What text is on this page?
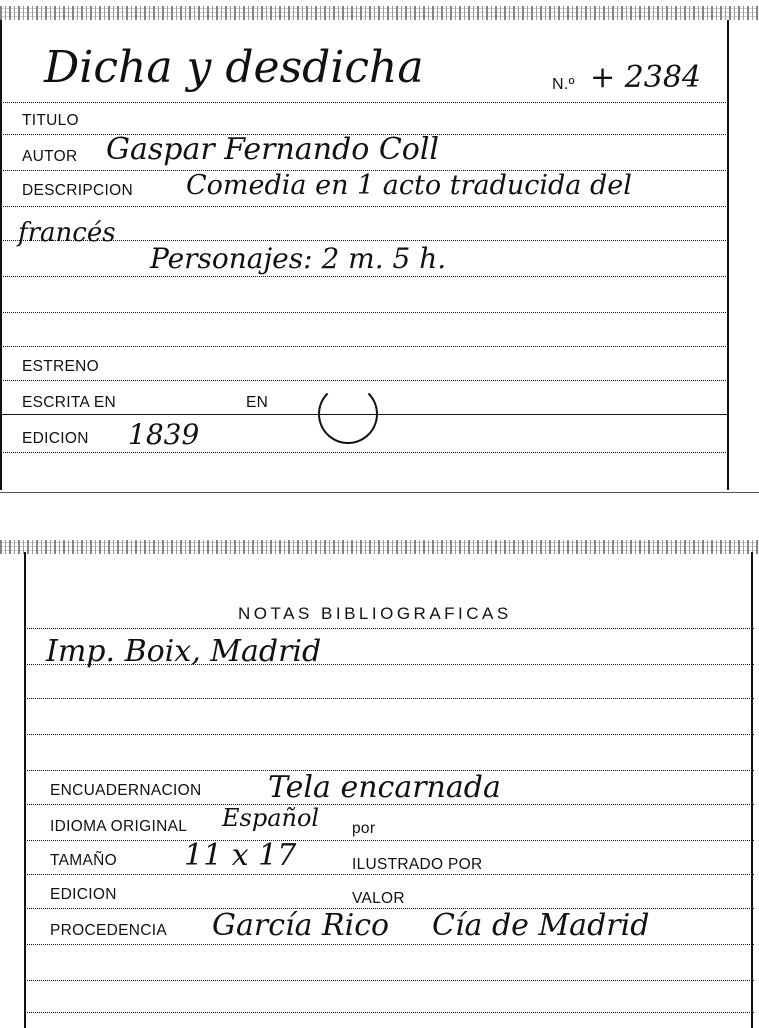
Dicha y desdicha	N.º + 2384
TITULO
AUTOR Gaspar Fernando Coll
DESCRIPCION Comedia en 1 acto traducida del
francés
Personajes: 2 m. 5 h.
ESTRENO
ESCRITA EN	EN
EDICION 1839
NOTAS BIBLIOGRAFICAS
Imp. Boix, Madrid
ENCUADERNACION Tela encarnada
IDIOMA ORIGINAL Español por
TAMAÑO 11 x 17	ILUSTRADO POR
EDICION	VALOR
PROCEDENCIA García Rico Cía de Madrid
